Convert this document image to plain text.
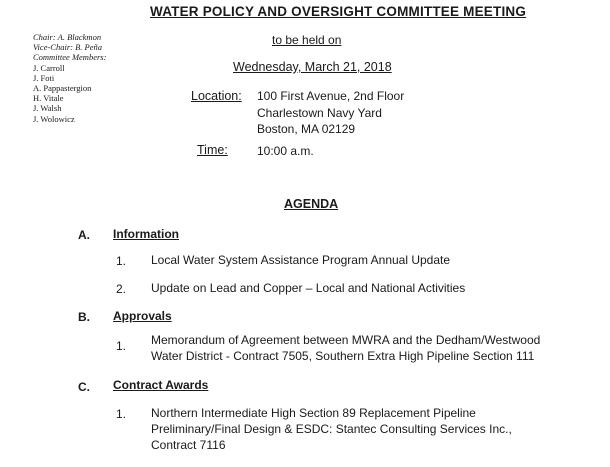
WATER POLICY AND OVERSIGHT COMMITTEE MEETING
Chair: A. Blackmon
Vice-Chair: B. Peña
Committee Members:
J. Carroll
J. Foti
A. Pappastergion
H. Vitale
J. Walsh
J. Wolowicz
to be held on
Wednesday, March 21, 2018
Location: 100 First Avenue, 2nd Floor
Charlestown Navy Yard
Boston, MA 02129
Time: 10:00 a.m.
AGENDA
A. Information
1. Local Water System Assistance Program Annual Update
2. Update on Lead and Copper – Local and National Activities
B. Approvals
1. Memorandum of Agreement between MWRA and the Dedham/Westwood
Water District - Contract 7505, Southern Extra High Pipeline Section 111
C. Contract Awards
1. Northern Intermediate High Section 89 Replacement Pipeline
Preliminary/Final Design & ESDC: Stantec Consulting Services Inc.,
Contract 7116
